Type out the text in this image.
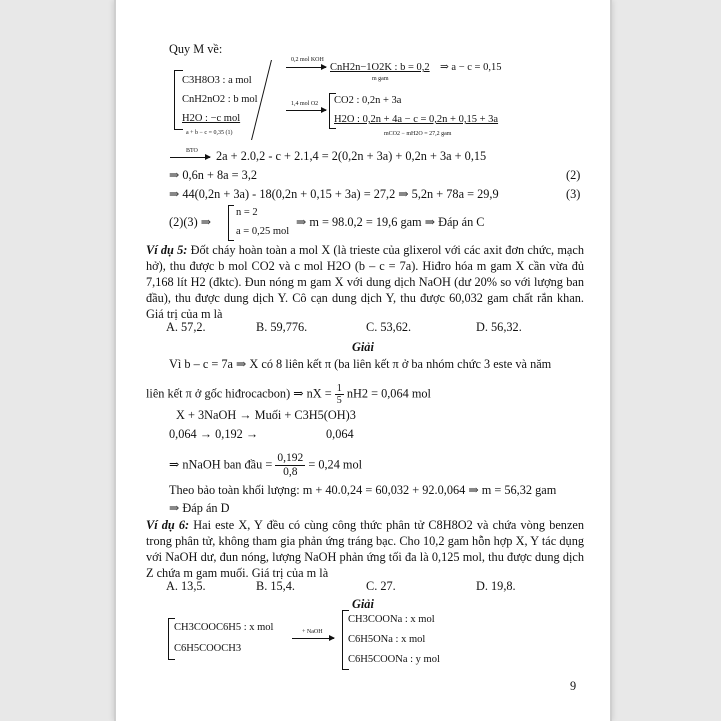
Quy M về:
C3H8O3 : a mol
CnH2nO2 : b mol
H2O : −c mol
a + b − c = 0,35 (1)
0,2 mol KOH
CnH2n−1O2K : b = 0,2
m gam
⇒ a − c = 0,15
1,4 mol O2 CO2 : 0,2n + 3a
H2O : 0,2n + 4a − c = 0,2n + 0,15 + 3a
mCO2 − mH2O = 27,2 gam
BTO 2a + 2.0,2 - c + 2.1,4 = 2(0,2n + 3a) + 0,2n + 3a + 0,15
⇒ 0,6n + 8a = 3,2	(2)
⇒ 44(0,2n + 3a) - 18(0,2n + 0,15 + 3a) = 27,2 ⇒ 5,2n + 78a = 29,9	(3)
(2)(3) ⇒
n = 2
a = 0,25 mol
⇒ m = 98.0,2 = 19,6 gam ⇒ Đáp án C
Ví dụ 5: Đốt cháy hoàn toàn a mol X (là trieste của glixerol với các axit đơn chức, mạch hở), thu được b mol CO2 và c mol H2O (b – c = 7a). Hiđro hóa m gam X cần vừa đủ 7,168 lít H2 (đktc). Đun nóng m gam X với dung dịch NaOH (dư 20% so với lượng ban đầu), thu được dung dịch Y. Cô cạn dung dịch Y, thu được 60,032 gam chất rắn khan. Giá trị của m là
A. 57,2.	B. 59,776.	C. 53,62.	D. 56,32.
Giải
Vì b – c = 7a ⇒ X có 8 liên kết π (ba liên kết π ở ba nhóm chức 3 este và năm
liên kết π ở gốc hiđrocacbon) ⇒ nX = $\frac{1}{5} nH2 = 0,064$ mol
X + 3NaOH → Muối + C3H5(OH)3
0,064 → 0,192 →	0,064
⇒ nNaOH ban đầu = $\frac{0,192}{0,8} = 0,24$ mol
Theo bảo toàn khối lượng: m + 40.0,24 = 60,032 + 92.0,064 ⇒ m = 56,32 gam
⇒ Đáp án D
Ví dụ 6: Hai este X, Y đều có cùng công thức phân tử C8H8O2 và chứa vòng benzen trong phân tử, không tham gia phản ứng tráng bạc. Cho 10,2 gam hỗn hợp X, Y tác dụng với NaOH dư, đun nóng, lượng NaOH phản ứng tối đa là 0,125 mol, thu được dung dịch Z chứa m gam muối. Giá trị của m là
A. 13,5.	B. 15,4.	C. 27.	D. 19,8.
Giải
CH3COOC6H5 : x mol
C6H5COOCH3
+ NaOH
CH3COONa : x mol
C6H5ONa : x mol
C6H5COONa : y mol
9
